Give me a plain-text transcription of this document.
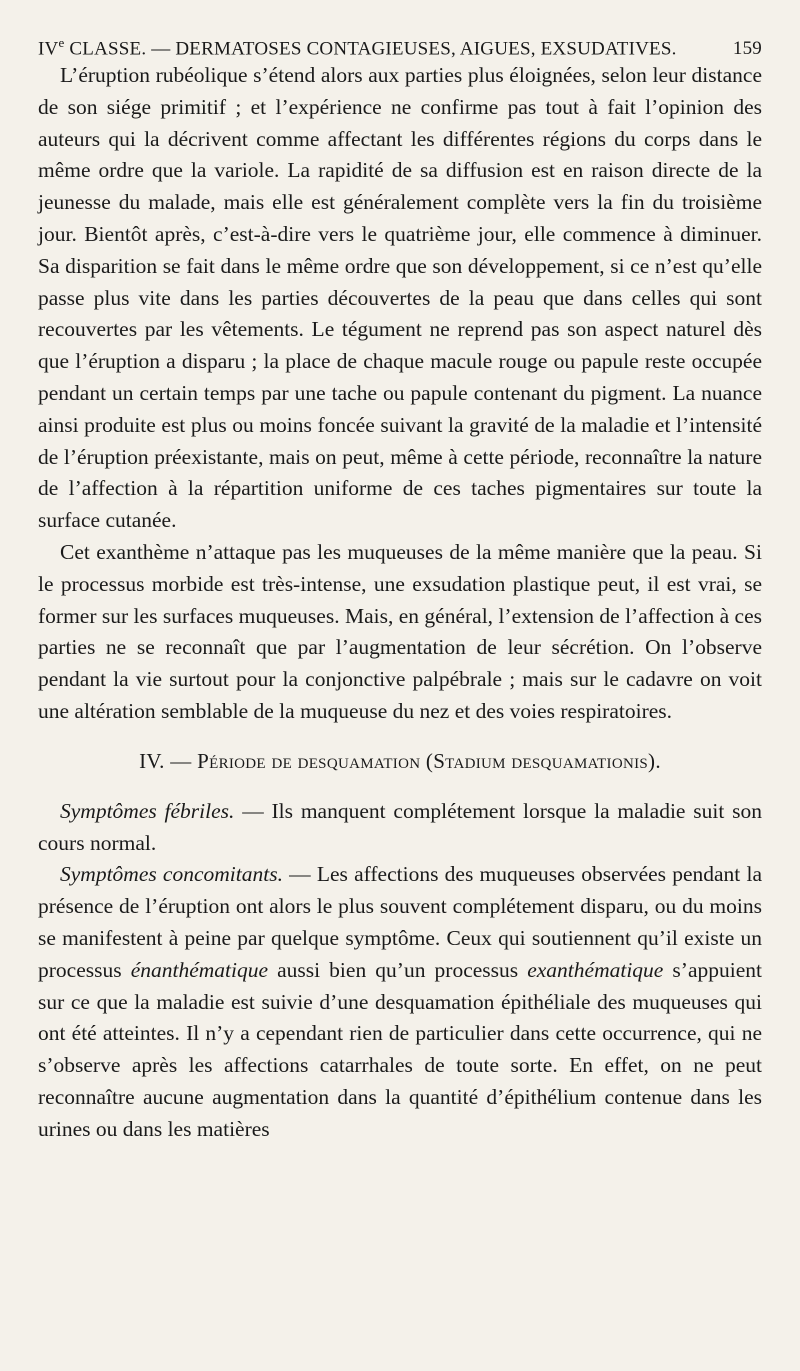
IVe CLASSE. — DERMATOSES CONTAGIEUSES, AIGUES, EXSUDATIVES.	159

L’éruption rubéolique s’étend alors aux parties plus éloignées, selon leur distance de son siége primitif ; et l’expérience ne confirme pas tout à fait l’opinion des auteurs qui la décrivent comme affectant les différentes régions du corps dans le même ordre que la variole. La rapidité de sa diffusion est en raison directe de la jeunesse du malade, mais elle est généralement complète vers la fin du troisième jour. Bientôt après, c’est-à-dire vers le quatrième jour, elle commence à diminuer. Sa disparition se fait dans le même ordre que son développement, si ce n’est qu’elle passe plus vite dans les parties découvertes de la peau que dans celles qui sont recouvertes par les vêtements. Le tégument ne reprend pas son aspect naturel dès que l’éruption a disparu ; la place de chaque macule rouge ou papule reste occupée pendant un certain temps par une tache ou papule contenant du pigment. La nuance ainsi produite est plus ou moins foncée suivant la gravité de la maladie et l’intensité de l’éruption préexistante, mais on peut, même à cette période, reconnaître la nature de l’affection à la répartition uniforme de ces taches pigmentaires sur toute la surface cutanée.

Cet exanthème n’attaque pas les muqueuses de la même manière que la peau. Si le processus morbide est très-intense, une exsudation plastique peut, il est vrai, se former sur les surfaces muqueuses. Mais, en général, l’extension de l’affection à ces parties ne se reconnaît que par l’augmentation de leur sécrétion. On l’observe pendant la vie surtout pour la conjonctive palpébrale ; mais sur le cadavre on voit une altération semblable de la muqueuse du nez et des voies respiratoires.

IV. — Période de desquamation (Stadium desquamationis).

Symptômes fébriles. — Ils manquent complétement lorsque la maladie suit son cours normal.

Symptômes concomitants. — Les affections des muqueuses observées pendant la présence de l’éruption ont alors le plus souvent complétement disparu, ou du moins se manifestent à peine par quelque symptôme. Ceux qui soutiennent qu’il existe un processus énanthématique aussi bien qu’un processus exanthématique s’appuient sur ce que la maladie est suivie d’une desquamation épithéliale des muqueuses qui ont été atteintes. Il n’y a cependant rien de particulier dans cette occurrence, qui ne s’observe après les affections catarrhales de toute sorte. En effet, on ne peut reconnaître aucune augmentation dans la quantité d’épithélium contenue dans les urines ou dans les matières
